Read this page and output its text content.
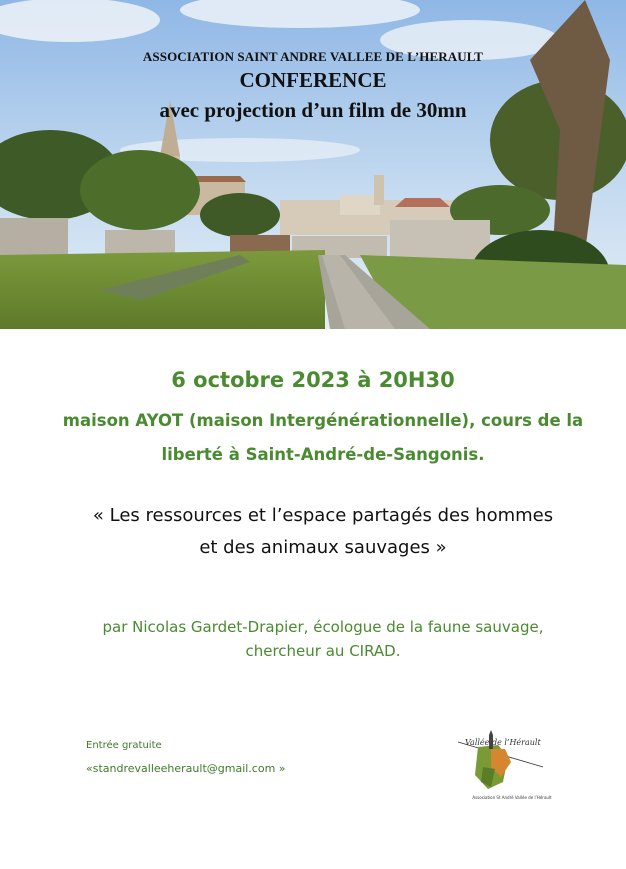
ASSOCIATION SAINT ANDRE VALLEE DE L’HERAULT
CONFERENCE
avec projection d’un film de 30mn
6 octobre 2023 à 20H30
maison AYOT (maison Intergénérationnelle), cours de la
liberté à Saint-André-de-Sangonis.
« Les ressources et l’espace partagés des hommes
et des animaux sauvages »
par Nicolas Gardet-Drapier, écologue de la faune sauvage,
chercheur au CIRAD.
Entrée gratuite
«standrevalleeherault@gmail.com »
Vallée de l’Hérault
Association St André Vallée de l’Hérault
